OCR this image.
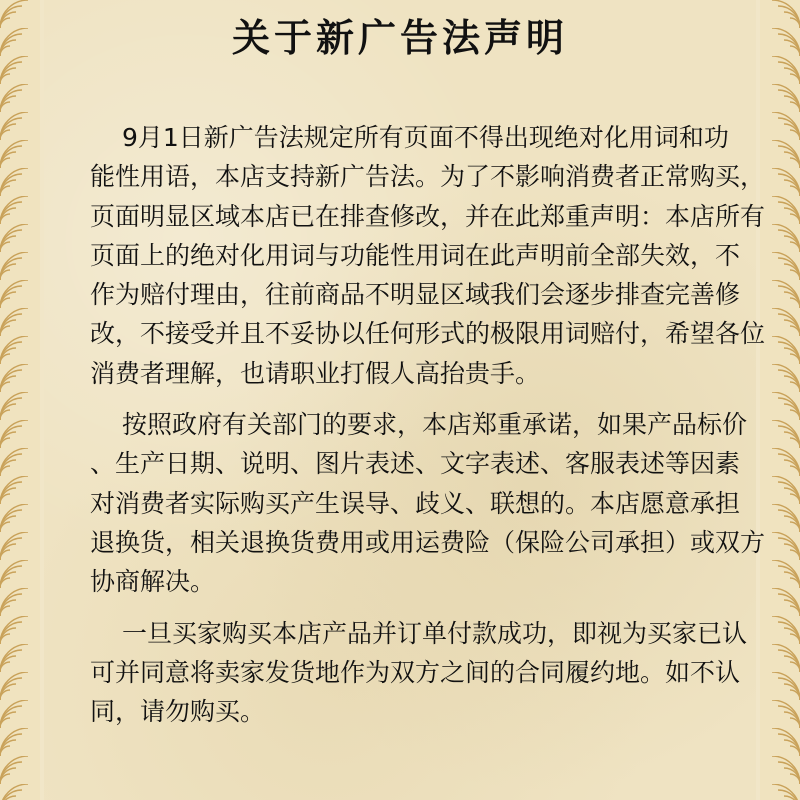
关于新广告法声明

9月1日新广告法规定所有页面不得出现绝对化用词和功
能性用语，本店支持新广告法。为了不影响消费者正常购买，
页面明显区域本店已在排查修改，并在此郑重声明：本店所有
页面上的绝对化用词与功能性用词在此声明前全部失效，不
作为赔付理由，往前商品不明显区域我们会逐步排查完善修
改，不接受并且不妥协以任何形式的极限用词赔付，希望各位
消费者理解，也请职业打假人高抬贵手。

按照政府有关部门的要求，本店郑重承诺，如果产品标价
、生产日期、说明、图片表述、文字表述、客服表述等因素
对消费者实际购买产生误导、歧义、联想的。本店愿意承担
退换货，相关退换货费用或用运费险（保险公司承担）或双方
协商解决。

一旦买家购买本店产品并订单付款成功，即视为买家已认
可并同意将卖家发货地作为双方之间的合同履约地。如不认
同，请勿购买。
